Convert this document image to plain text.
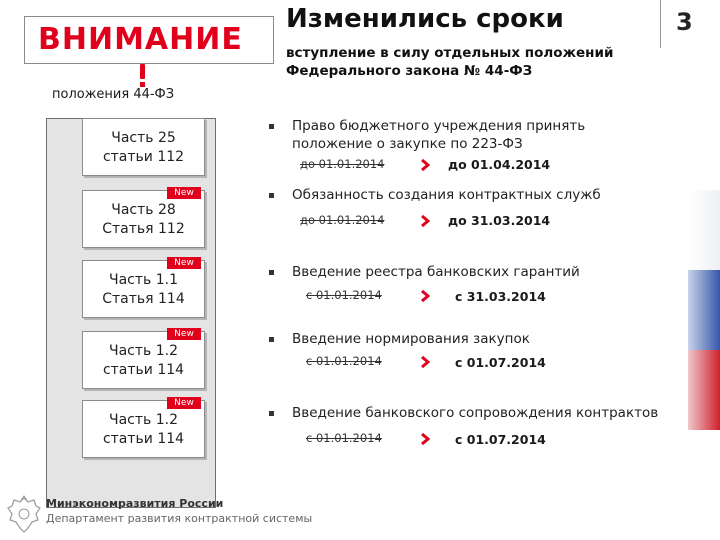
ВНИМАНИЕ
положения 44-ФЗ
Изменились сроки
вступление в силу отдельных положений Федерального закона № 44-ФЗ
3
Часть 25
статьи 112
New
Часть 28
Статья 112
New
Часть 1.1
Статья 114
New
Часть 1.2
статьи 114
New
Часть 1.2
статьи 114
Право бюджетного учреждения принять
положение о закупке по 223-ФЗ
до 01.01.2014	до 01.04.2014
Обязанность создания контрактных служб
до 01.01.2014	до 31.03.2014
Введение реестра банковских гарантий
с 01.01.2014	с 31.03.2014
Введение нормирования закупок
с 01.01.2014	с 01.07.2014
Введение банковского сопровождения контрактов
с 01.01.2014	с 01.07.2014
Минэкономразвития России
Департамент развития контрактной системы
